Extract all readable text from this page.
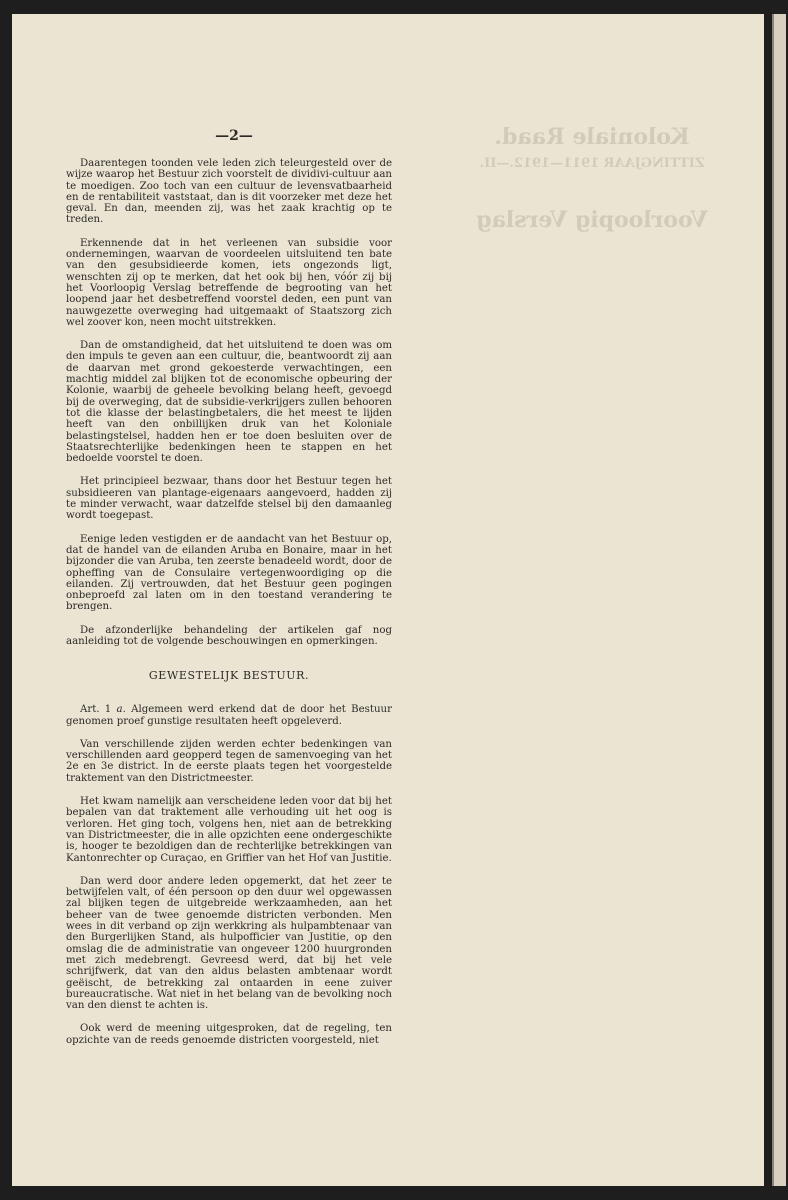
Koloniale Raad.
ZITTINGJAAR 1911—1912.—II.
Voorloopig Verslag
—2—

Daarentegen toonden vele leden zich teleurgesteld over de wijze waarop het Bestuur zich voorstelt de dividivi-cultuur aan te moedigen. Zoo toch van een cultuur de levensvatbaarheid en de rentabiliteit vaststaat, dan is dit voorzeker met deze het geval. En dan, meenden zij, was het zaak krachtig op te treden.

Erkennende dat in het verleenen van subsidie voor ondernemingen, waarvan de voordeelen uitsluitend ten bate van den gesubsidieerde komen, iets ongezonds ligt, wenschten zij op te merken, dat het ook bij hen, vóór zij bij het Voorloopig Verslag betreffende de begrooting van het loopend jaar het desbetreffend voorstel deden, een punt van nauwgezette overweging had uitgemaakt of Staatszorg zich wel zoover kon, neen mocht uitstrekken.

Dan de omstandigheid, dat het uitsluitend te doen was om den impuls te geven aan een cultuur, die, beantwoordt zij aan de daarvan met grond gekoesterde verwachtingen, een machtig middel zal blijken tot de economische opbeuring der Kolonie, waarbij de geheele bevolking belang heeft, gevoegd bij de overweging, dat de subsidie-verkrijgers zullen behooren tot die klasse der belastingbetalers, die het meest te lijden heeft van den onbillijken druk van het Koloniale belastingstelsel, hadden hen er toe doen besluiten over de Staatsrechterlijke bedenkingen heen te stappen en het bedoelde voorstel te doen.

Het principieel bezwaar, thans door het Bestuur tegen het subsidieeren van plantage-eigenaars aangevoerd, hadden zij te minder verwacht, waar datzelfde stelsel bij den damaanleg wordt toegepast.

Eenige leden vestigden er de aandacht van het Bestuur op, dat de handel van de eilanden Aruba en Bonaire, maar in het bijzonder die van Aruba, ten zeerste benadeeld wordt, door de opheffing van de Consulaire vertegenwoordiging op die eilanden. Zij vertrouwden, dat het Bestuur geen pogingen onbeproefd zal laten om in den toestand verandering te brengen.

De afzonderlijke behandeling der artikelen gaf nog aanleiding tot de volgende beschouwingen en opmerkingen.

GEWESTELIJK BESTUUR.

Art. 1 a. Algemeen werd erkend dat de door het Bestuur genomen proef gunstige resultaten heeft opgeleverd.

Van verschillende zijden werden echter bedenkingen van verschillenden aard geopperd tegen de samenvoeging van het 2e en 3e district. In de eerste plaats tegen het voorgestelde traktement van den Districtmeester.

Het kwam namelijk aan verscheidene leden voor dat bij het bepalen van dat traktement alle verhouding uit het oog is verloren. Het ging toch, volgens hen, niet aan de betrekking van Districtmeester, die in alle opzichten eene ondergeschikte is, hooger te bezoldigen dan de rechterlijke betrekkingen van Kantonrechter op Curaçao, en Griffier van het Hof van Justitie.

Dan werd door andere leden opgemerkt, dat het zeer te betwijfelen valt, of één persoon op den duur wel opgewassen zal blijken tegen de uitgebreide werkzaamheden, aan het beheer van de twee genoemde districten verbonden. Men wees in dit verband op zijn werkkring als hulpambtenaar van den Burgerlijken Stand, als hulpofficier van Justitie, op den omslag die de administratie van ongeveer 1200 huurgronden met zich medebrengt. Gevreesd werd, dat bij het vele schrijfwerk, dat van den aldus belasten ambtenaar wordt geëischt, de betrekking zal ontaarden in eene zuiver bureaucratische. Wat niet in het belang van de bevolking noch van den dienst te achten is.

Ook werd de meening uitgesproken, dat de regeling, ten opzichte van de reeds genoemde districten voorgesteld, niet
